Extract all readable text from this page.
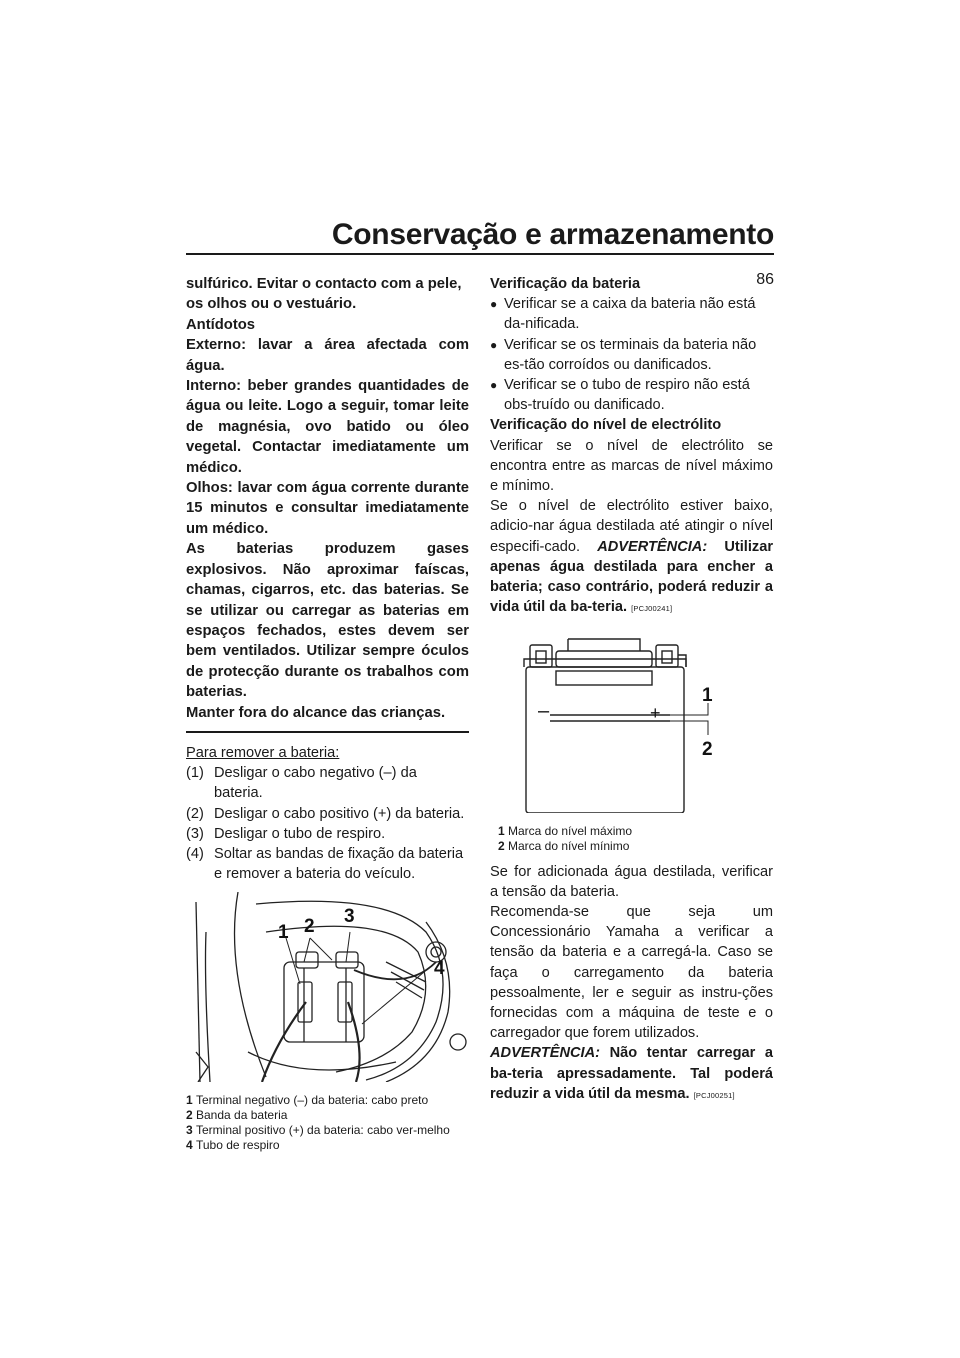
Conservação e armazenamento
86

sulfúrico. Evitar o contacto com a pele, os olhos ou o vestuário.

Antídotos

Externo: lavar a área afectada com água.

Interno: beber grandes quantidades de água ou leite. Logo a seguir, tomar leite de magnésia, ovo batido ou óleo vegetal. Contactar imediatamente um médico.

Olhos: lavar com água corrente durante 15 minutos e consultar imediatamente um médico.

As baterias produzem gases explosivos. Não aproximar faíscas, chamas, cigarros, etc. das baterias. Se se utilizar ou carregar as baterias em espaços fechados, estes devem ser bem ventilados. Utilizar sempre óculos de protecção durante os trabalhos com baterias.

Manter fora do alcance das crianças.

Para remover a bateria:

(1) Desligar o cabo negativo (–) da bateria.
(2) Desligar o cabo positivo (+) da bateria.
(3) Desligar o tubo de respiro.
(4) Soltar as bandas de fixação da bateria e remover a bateria do veículo.
1 2 3
4
1 Terminal negativo (–) da bateria: cabo preto
2 Banda da bateria
3 Terminal positivo (+) da bateria: cabo ver-melho
4 Tubo de respiro

Verificação da bateria

● Verificar se a caixa da bateria não está da-nificada.
● Verificar se os terminais da bateria não es-tão corroídos ou danificados.
● Verificar se o tubo de respiro não está obs-truído ou danificado.

Verificação do nível de electrólito

Verificar se o nível de electrólito se encontra entre as marcas de nível máximo e mínimo.

Se o nível de electrólito estiver baixo, adicio-nar água destilada até atingir o nível especifi-cado. ADVERTÊNCIA: Utilizar apenas água destilada para encher a bateria; caso contrário, poderá reduzir a vida útil da ba-teria. [PCJ00241]

–	+
1
2
1 Marca do nível máximo
2 Marca do nível mínimo

Se for adicionada água destilada, verificar a tensão da bateria.

Recomenda-se que seja um Concessionário Yamaha a verificar a tensão da bateria e a carregá-la. Caso se faça o carregamento da bateria pessoalmente, ler e seguir as instru-ções fornecidas com a máquina de teste e o carregador que forem utilizados.

ADVERTÊNCIA: Não tentar carregar a ba-teria apressadamente. Tal poderá reduzir a vida útil da mesma. [PCJ00251]
